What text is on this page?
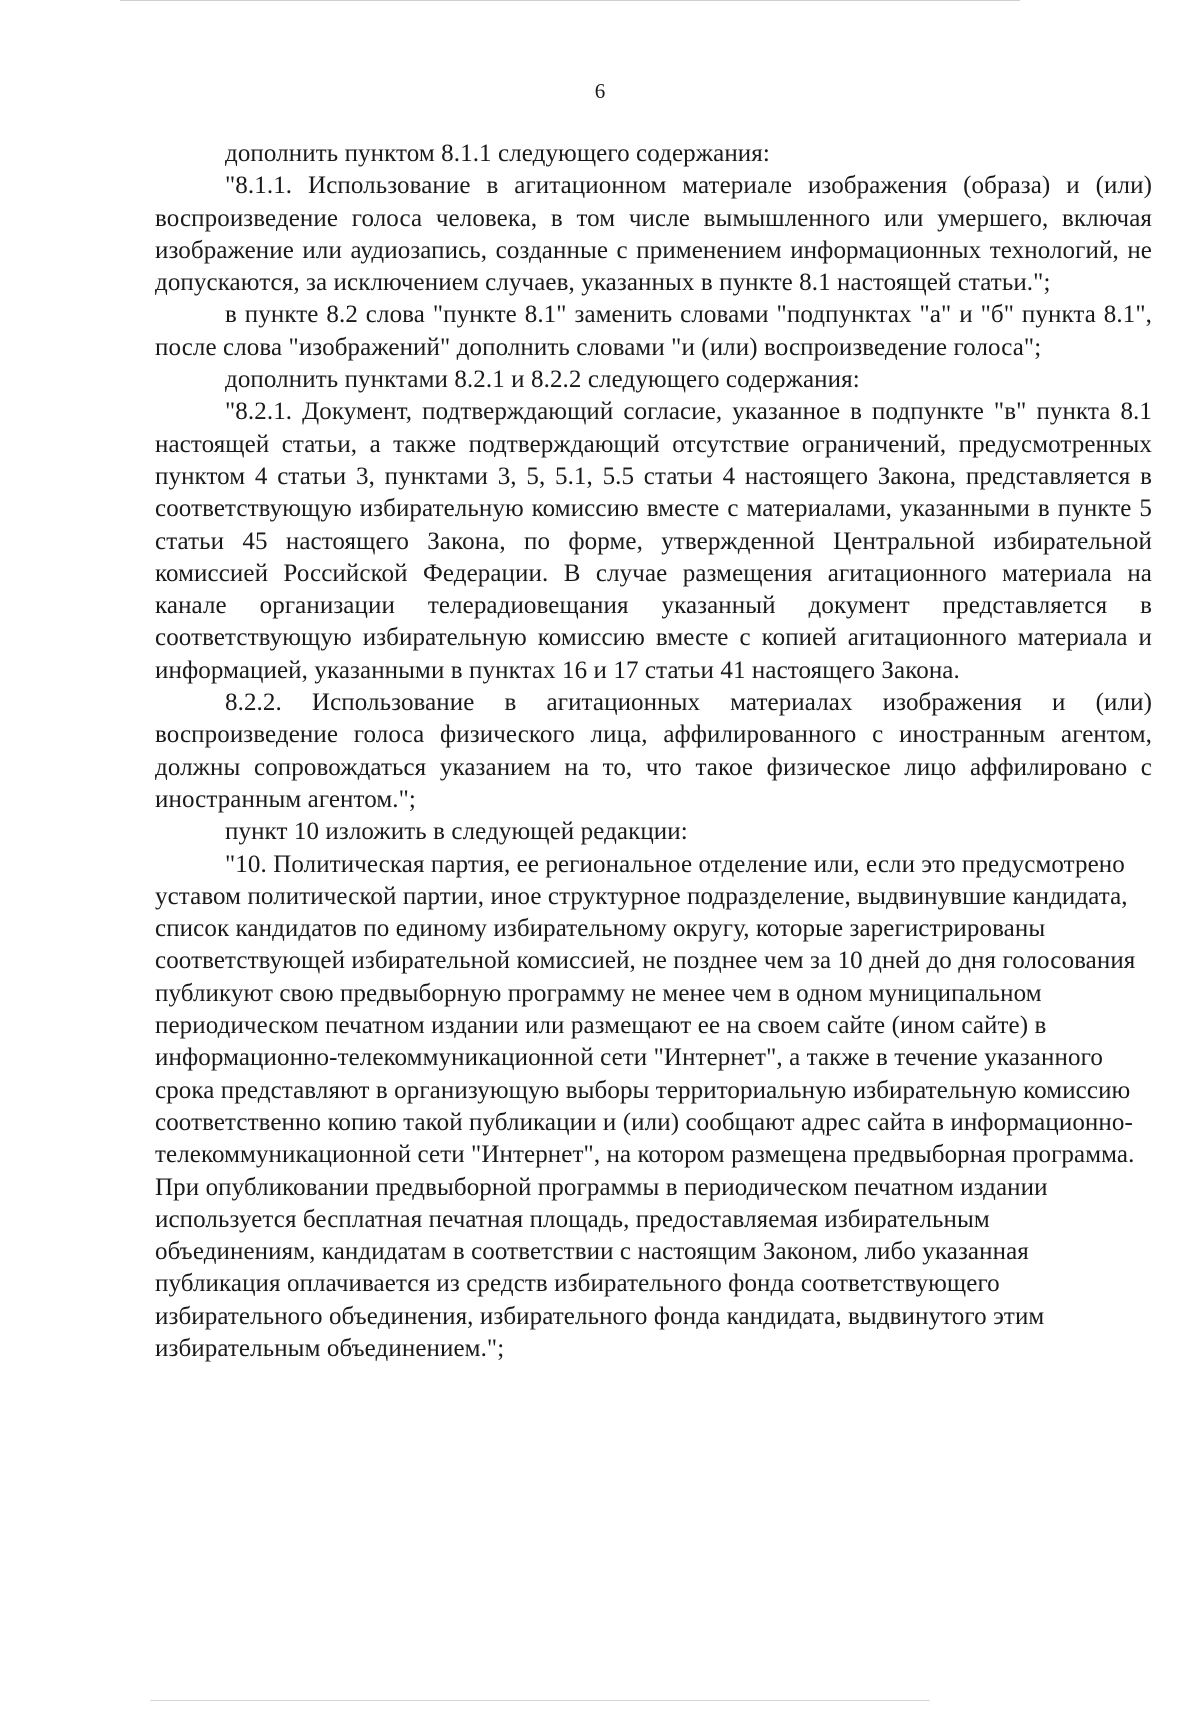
6

дополнить пунктом 8.1.1 следующего содержания:

"8.1.1. Использование в агитационном материале изображения (образа) и (или) воспроизведение голоса человека, в том числе вымышленного или умершего, включая изображение или аудиозапись, созданные с применением информационных технологий, не допускаются, за исключением случаев, указанных в пункте 8.1 настоящей статьи.";

в пункте 8.2 слова "пункте 8.1" заменить словами "подпунктах "а" и "б" пункта 8.1", после слова "изображений" дополнить словами "и (или) воспроизведение голоса";

дополнить пунктами 8.2.1 и 8.2.2 следующего содержания:

"8.2.1. Документ, подтверждающий согласие, указанное в подпункте "в" пункта 8.1 настоящей статьи, а также подтверждающий отсутствие ограничений, предусмотренных пунктом 4 статьи 3, пунктами 3, 5, 5.1, 5.5 статьи 4 настоящего Закона, представляется в соответствующую избирательную комиссию вместе с материалами, указанными в пункте 5 статьи 45 настоящего Закона, по форме, утвержденной Центральной избирательной комиссией Российской Федерации. В случае размещения агитационного материала на канале организации телерадиовещания указанный документ представляется в соответствующую избирательную комиссию вместе с копией агитационного материала и информацией, указанными в пунктах 16 и 17 статьи 41 настоящего Закона.

8.2.2. Использование в агитационных материалах изображения и (или) воспроизведение голоса физического лица, аффилированного с иностранным агентом, должны сопровождаться указанием на то, что такое физическое лицо аффилировано с иностранным агентом.";

пункт 10 изложить в следующей редакции:

"10. Политическая партия, ее региональное отделение или, если это предусмотрено уставом политической партии, иное структурное подразделение, выдвинувшие кандидата, список кандидатов по единому избирательному округу, которые зарегистрированы соответствующей избирательной комиссией, не позднее чем за 10 дней до дня голосования публикуют свою предвыборную программу не менее чем в одном муниципальном периодическом печатном издании или размещают ее на своем сайте (ином сайте) в информационно-телекоммуникационной сети "Интернет", а также в течение указанного срока представляют в организующую выборы территориальную избирательную комиссию соответственно копию такой публикации и (или) сообщают адрес сайта в информационно-телекоммуникационной сети "Интернет", на котором размещена предвыборная программа. При опубликовании предвыборной программы в периодическом печатном издании используется бесплатная печатная площадь, предоставляемая избирательным объединениям, кандидатам в соответствии с настоящим Законом, либо указанная публикация оплачивается из средств избирательного фонда соответствующего избирательного объединения, избирательного фонда кандидата, выдвинутого этим избирательным объединением.";
